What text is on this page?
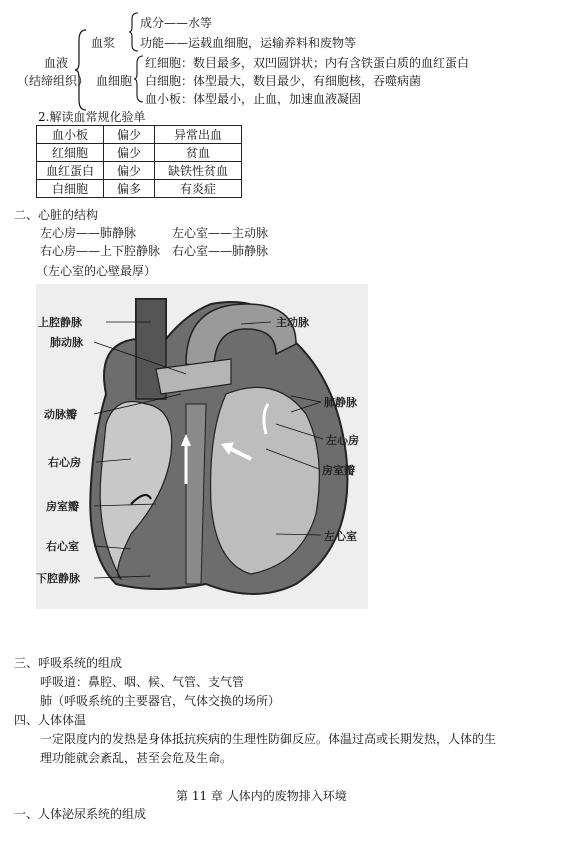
血液
（结缔组织）
血浆
成分——水等
功能——运载血细胞，运输养料和废物等
血细胞
红细胞：数目最多，双凹圆饼状；内有含铁蛋白质的血红蛋白
白细胞：体型最大，数目最少，有细胞核，吞噬病菌
血小板：体型最小，止血，加速血液凝固
2.解读血常规化验单
血小板	偏少	异常出血
红细胞	偏少	贫血
血红蛋白	偏少	缺铁性贫血
白细胞	偏多	有炎症
二、心脏的结构
左心房——肺静脉	左心室——主动脉
右心房——上下腔静脉 右心室——肺静脉
（左心室的心壁最厚）
上腔静脉
肺动脉
动脉瓣
右心房
房室瓣
右心室
下腔静脉
主动脉
肺静脉
左心房
房室瓣
左心室
三、呼吸系统的组成
呼吸道：鼻腔、咽、候、气管、支气管
肺（呼吸系统的主要器官，气体交换的场所）
四、人体体温
一定限度内的发热是身体抵抗疾病的生理性防御反应。体温过高或长期发热，人体的生
理功能就会紊乱，甚至会危及生命。
第 11 章 人体内的废物排入环境
一、人体泌尿系统的组成
